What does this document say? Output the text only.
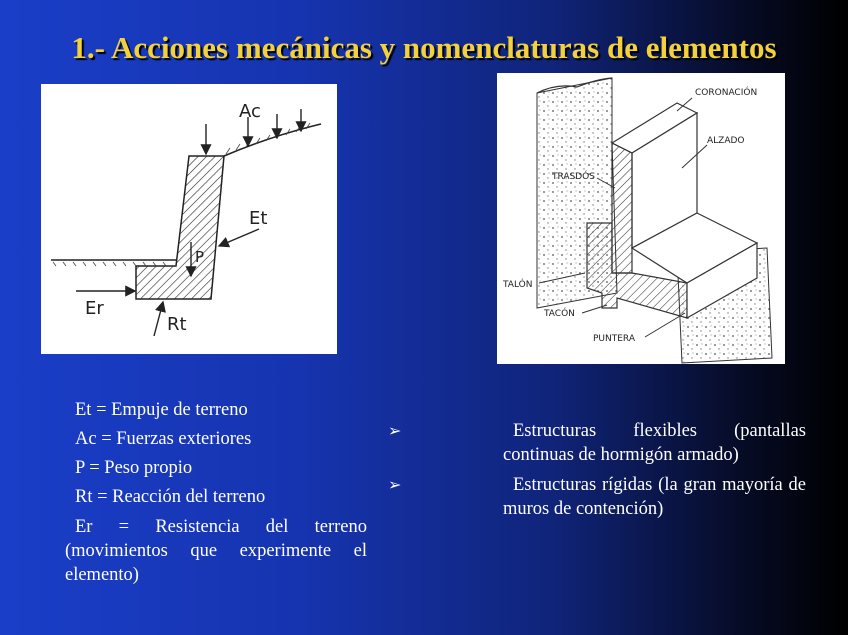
1.- Acciones mecánicas y nomenclaturas de elementos
Ac
Et
P
Er
Rt
CORONACIÓN
ALZADO
TRASDÓS
TALÓN
TACÓN
PUNTERA
Et = Empuje de terreno
Ac = Fuerzas exteriores
P = Peso propio
Rt = Reacción del terreno
Er = Resistencia del terreno (movimientos que experimente el elemento)
➢	Estructuras flexibles (pantallas continuas de hormigón armado)
➢	Estructuras rígidas (la gran mayoría de muros de contención)
